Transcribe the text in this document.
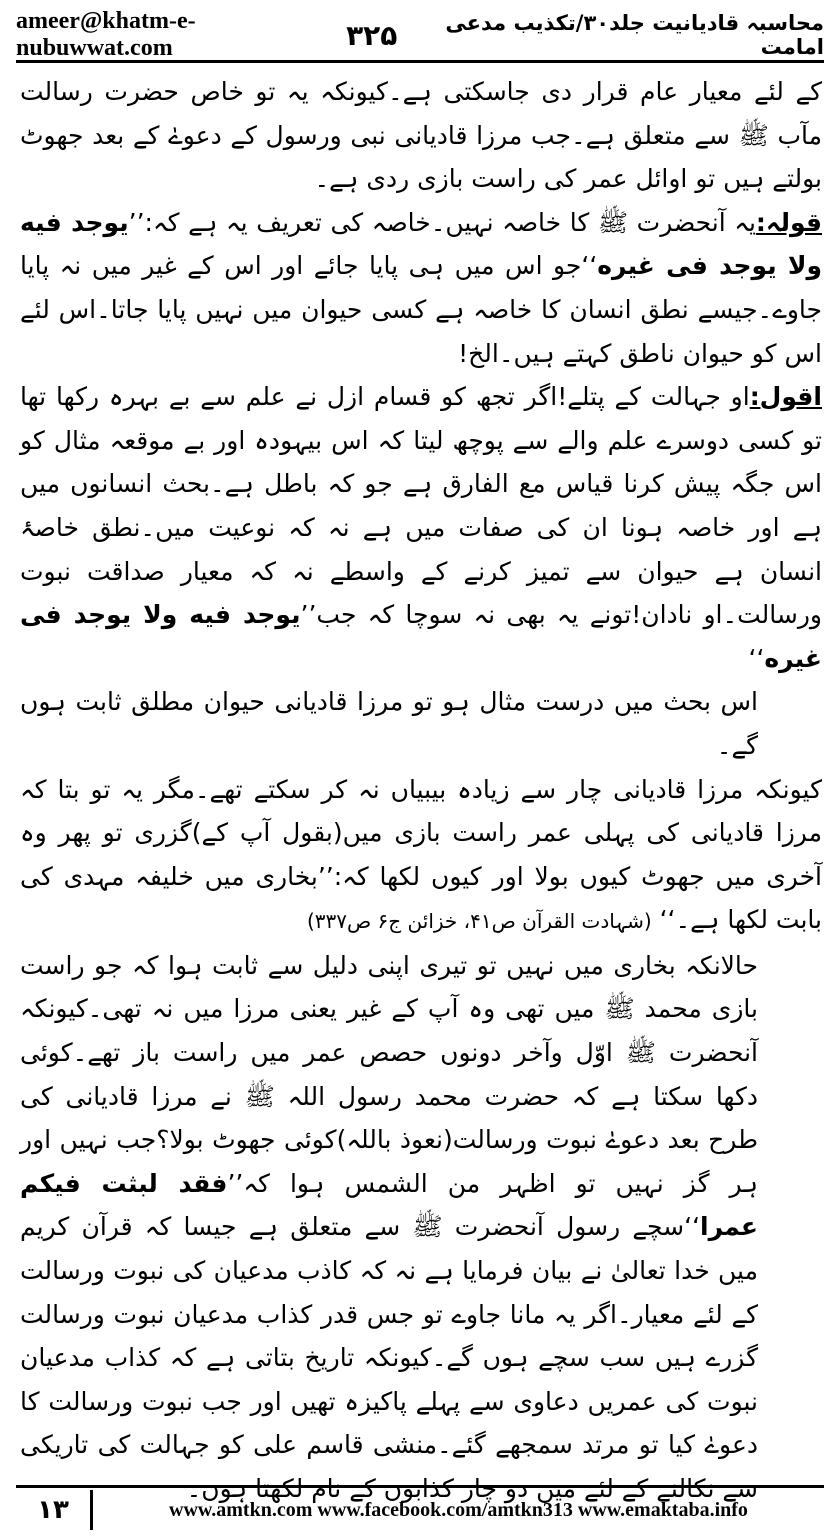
ameer@khatm-e-nubuwwat.com	۳۲۵	محاسبہ قادیانیت جلد۳۰/تکذیب مدعی امامت

کے لئے معیار عام قرار دی جاسکتی ہے۔کیونکہ یہ تو خاص حضرت رسالت مآب ﷺ سے متعلق ہے۔جب مرزا قادیانی نبی ورسول کے دعوےٰ کے بعد جھوٹ بولتے ہیں تو اوائل عمر کی راست بازی ردی ہے۔

قولہ:یہ آنحضرت ﷺ کا خاصہ نہیں۔خاصہ کی تعریف یہ ہے کہ:’’یوجد فیه ولا یوجد فی غیره‘‘جو اس میں ہی پایا جائے اور اس کے غیر میں نہ پایا جاوے۔جیسے نطق انسان کا خاصہ ہے کسی حیوان میں نہیں پایا جاتا۔اس لئے اس کو حیوان ناطق کہتے ہیں۔الخ!

اقول:او جہالت کے پتلے!اگر تجھ کو قسام ازل نے علم سے بے بہرہ رکھا تھا تو کسی دوسرے علم والے سے پوچھ لیتا کہ اس بیہودہ اور بے موقعہ مثال کو اس جگہ پیش کرنا قیاس مع الفارق ہے جو کہ باطل ہے۔بحث انسانوں میں ہے اور خاصہ ہونا ان کی صفات میں ہے نہ کہ نوعیت میں۔نطق خاصۂ انسان ہے حیوان سے تمیز کرنے کے واسطے نہ کہ معیار صداقت نبوت ورسالت۔او نادان!تونے یہ بھی نہ سوچا کہ جب’’یوجد فیه ولا یوجد فی غیره‘‘

اس بحث میں درست مثال ہو تو مرزا قادیانی حیوان مطلق ثابت ہوں گے۔

کیونکہ مرزا قادیانی چار سے زیادہ بیبیاں نہ کر سکتے تھے۔مگر یہ تو بتا کہ مرزا قادیانی کی پہلی عمر راست بازی میں(بقول آپ کے)گزری تو پھر وہ آخری میں جھوٹ کیوں بولا اور کیوں لکھا کہ:’’بخاری میں خلیفہ مہدی کی بابت لکھا ہے۔‘‘ (شہادت القرآن ص۴۱، خزائن ج۶ ص۳۳۷)

حالانکہ بخاری میں نہیں تو تیری اپنی دلیل سے ثابت ہوا کہ جو راست بازی محمد ﷺ میں تھی وہ آپ کے غیر یعنی مرزا میں نہ تھی۔کیونکہ آنحضرت ﷺ اوّل وآخر دونوں حصص عمر میں راست باز تھے۔کوئی دکھا سکتا ہے کہ حضرت محمد رسول اللہ ﷺ نے مرزا قادیانی کی طرح بعد دعوےٰ نبوت ورسالت(نعوذ باللہ)کوئی جھوٹ بولا؟جب نہیں اور ہر گز نہیں تو اظہر من الشمس ہوا کہ’’فقد لبثت فیکم عمرا‘‘سچے رسول آنحضرت ﷺ سے متعلق ہے جیسا کہ قرآن کریم میں خدا تعالیٰ نے بیان فرمایا ہے نہ کہ کاذب مدعیان کی نبوت ورسالت کے لئے معیار۔اگر یہ مانا جاوے تو جس قدر کذاب مدعیان نبوت ورسالت گزرے ہیں سب سچے ہوں گے۔کیونکہ تاریخ بتاتی ہے کہ کذاب مدعیان نبوت کی عمریں دعاوی سے پہلے پاکیزہ تھیں اور جب نبوت ورسالت کا دعوےٰ کیا تو مرتد سمجھے گئے۔منشی قاسم علی کو جہالت کی تاریکی سے نکالنے کے لئے میں دو چار کذابوں کے نام لکھتا ہوں۔

۱۳	www.amtkn.com www.facebook.com/amtkn313 www.emaktaba.info
